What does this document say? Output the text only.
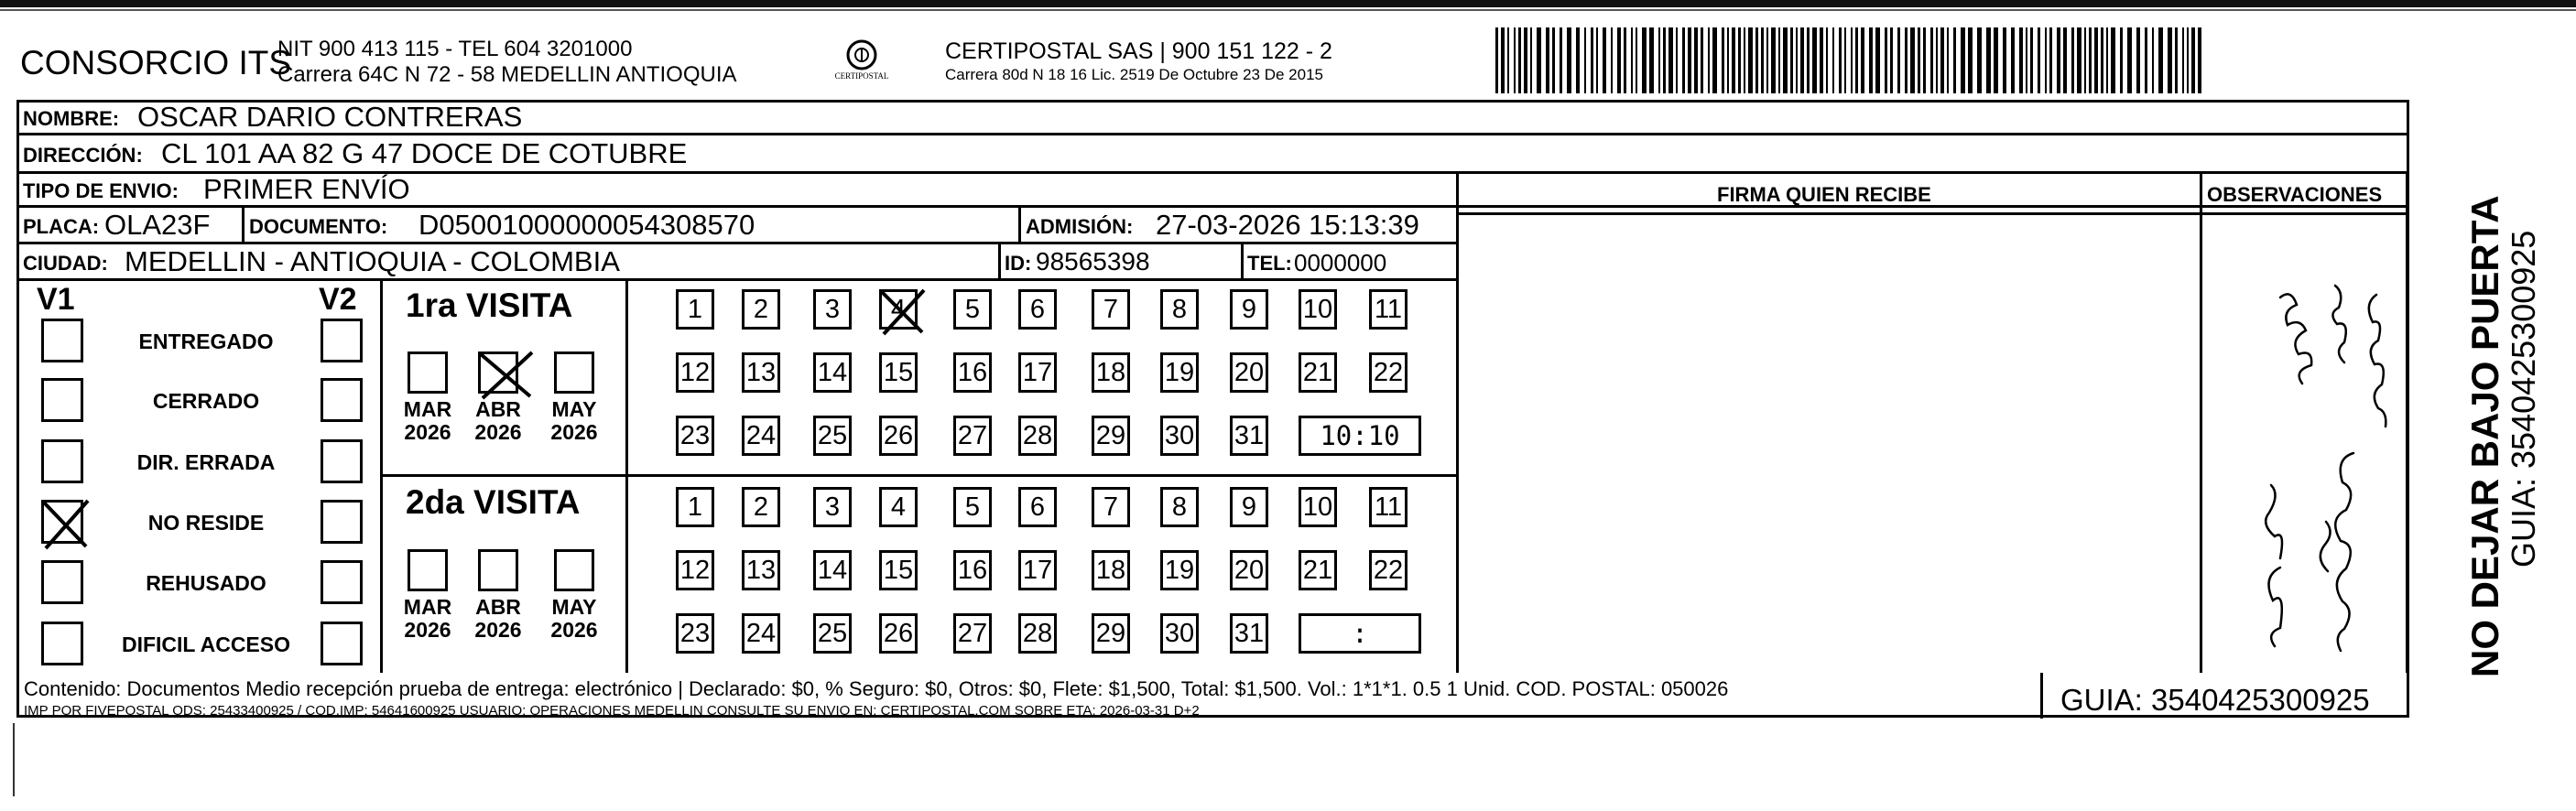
CONSORCIO ITS
NIT 900 413 115 - TEL 604 3201000
Carrera 64C N 72 - 58 MEDELLIN ANTIOQUIA	CERTIPOSTAL
CERTIPOSTAL SAS | 900 151 122 - 2
Carrera 80d N 18 16 Lic. 2519 De Octubre 23 De 2015
NOMBRE: OSCAR DARIO CONTRERAS
DIRECCIÓN: CL 101 AA 82 G 47 DOCE DE COTUBRE
TIPO DE ENVIO: PRIMER ENVÍO
PLACA: OLA23F DOCUMENTO: D05001000000054308570	ADMISIÓN: 27-03-2026 15:13:39
CIUDAD: MEDELLIN - ANTIOQUIA - COLOMBIA	ID: 98565398	TEL: 0000000
FIRMA QUIEN RECIBE	OBSERVACIONES
V1	V2 1ra VISITA
2da VISITA	NO DEJAR BAJO PUERTA
GUIA: 3540425300925
Contenido: Documentos Medio recepción prueba de entrega: electrónico | Declarado: $0, % Seguro: $0, Otros: $0, Flete: $1,500, Total: $1,500. Vol.: 1*1*1. 0.5 1 Unid. COD. POSTAL: 050026
IMP POR FIVEPOSTAL ODS: 25433400925 / COD.IMP: 54641600925 USUARIO: OPERACIONES MEDELLIN CONSULTE SU ENVIO EN: CERTIPOSTAL.COM SOBRE ETA: 2026-03-31 D+2	GUIA: 3540425300925
ENTREGADO
CERRADO
DIR. ERRADA
NO RESIDE
REHUSADO
DIFICIL ACCESO
MAR
2026
ABR
2026
MAY
2026
1	2	3	4	5	6	7	8	9	10 11
12 13 14 15 16 17 18 19 20 21 22
23 24 25 26 27 28 29 30 31	10:10
MAR
2026
ABR
2026
MAY
2026
1	2	3	4	5	6	7	8	9	10 11
12 13 14 15 16 17 18 19 20 21 22
23 24 25 26 27 28 29 30 31	:
